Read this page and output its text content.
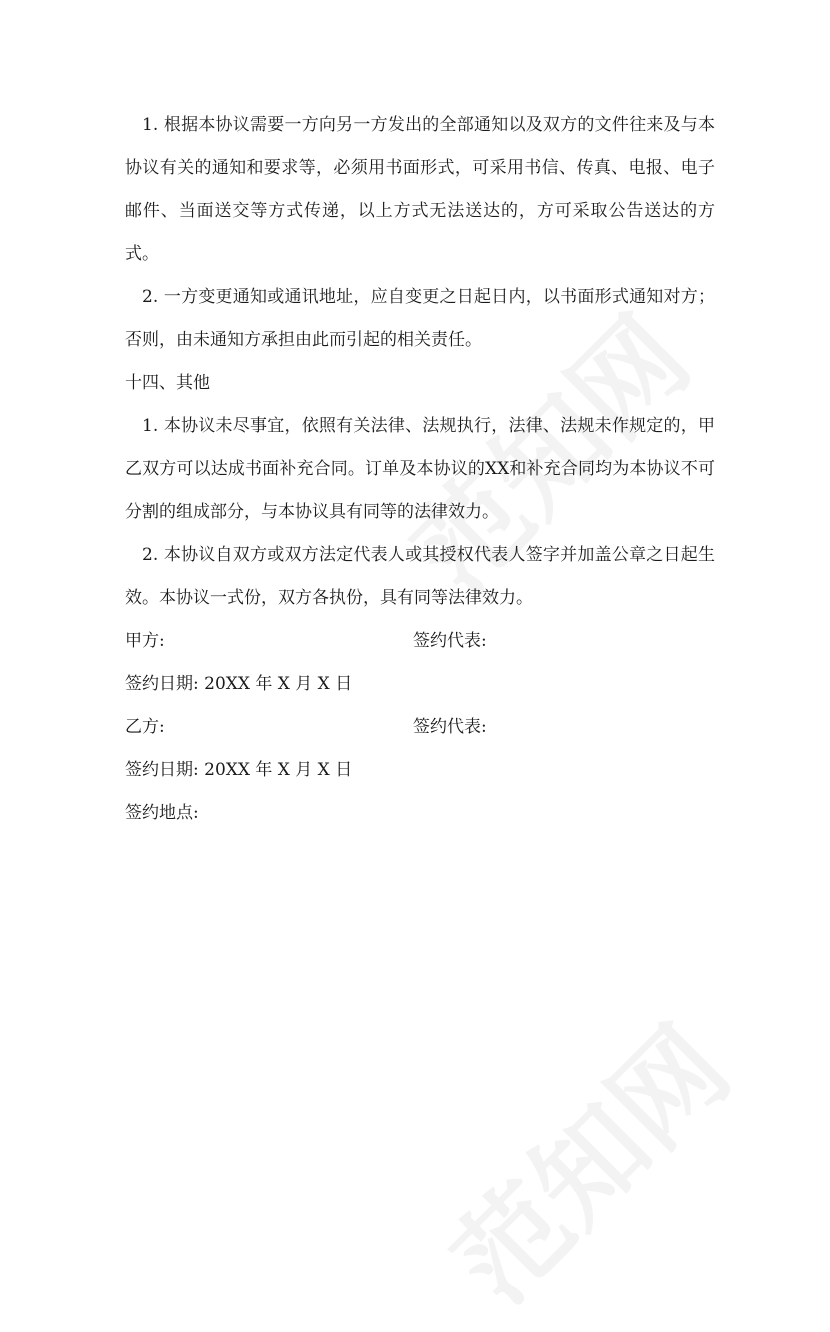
1. 根据本协议需要一方向另一方发出的全部通知以及双方的文件往来及与本协议有关的通知和要求等，必须用书面形式，可采用书信、传真、电报、电子邮件、当面送交等方式传递，以上方式无法送达的，方可采取公告送达的方式。

2. 一方变更通知或通讯地址，应自变更之日起日内，以书面形式通知对方；否则，由未通知方承担由此而引起的相关责任。

十四、其他

1. 本协议未尽事宜，依照有关法律、法规执行，法律、法规未作规定的，甲乙双方可以达成书面补充合同。订单及本协议的XX和补充合同均为本协议不可分割的组成部分，与本协议具有同等的法律效力。

2. 本协议自双方或双方法定代表人或其授权代表人签字并加盖公章之日起生效。本协议一式份，双方各执份，具有同等法律效力。

甲方:	签约代表:

签约日期: 20XX 年 X 月 X 日

乙方:	签约代表:

签约日期: 20XX 年 X 月 X 日

签约地点:
